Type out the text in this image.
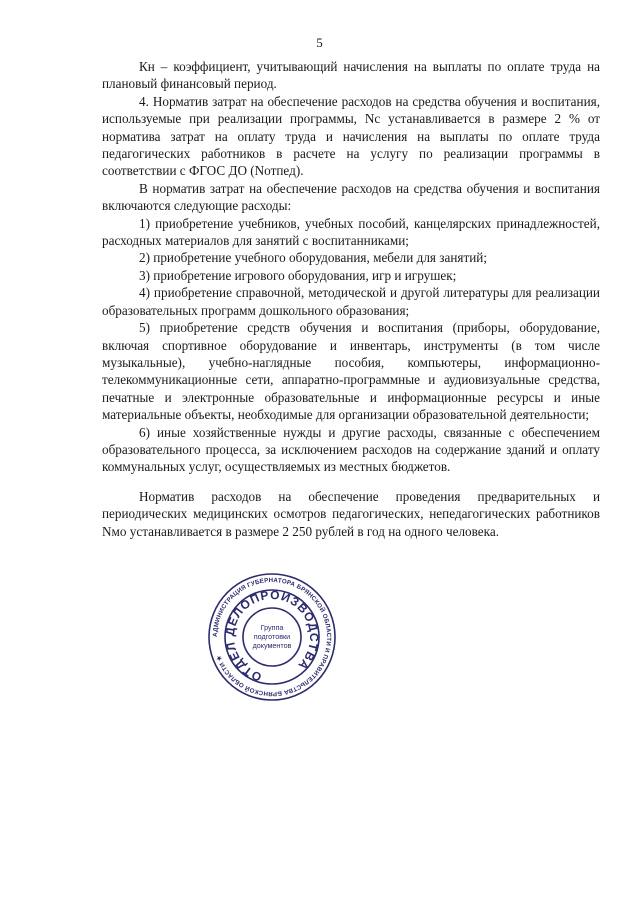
5

Кн – коэффициент, учитывающий начисления на выплаты по оплате труда на плановый финансовый период.

4. Норматив затрат на обеспечение расходов на средства обучения и воспитания, используемые при реализации программы, Nс устанавливается в размере 2 % от норматива затрат на оплату труда и начисления на выплаты по оплате труда педагогических работников в расчете на услугу по реализации программы в соответствии с ФГОС ДО (Nотпед).

В норматив затрат на обеспечение расходов на средства обучения и воспитания включаются следующие расходы:

1) приобретение учебников, учебных пособий, канцелярских принадлежностей, расходных материалов для занятий с воспитанниками;

2) приобретение учебного оборудования, мебели для занятий;

3) приобретение игрового оборудования, игр и игрушек;

4) приобретение справочной, методической и другой литературы для реализации образовательных программ дошкольного образования;

5) приобретение средств обучения и воспитания (приборы, оборудование, включая спортивное оборудование и инвентарь, инструменты (в том числе музыкальные), учебно-наглядные пособия, компьютеры, информационно-телекоммуникационные сети, аппаратно-программные и аудиовизуальные средства, печатные и электронные образовательные и информационные ресурсы и иные материальные объекты, необходимые для организации образовательной деятельности;

6) иные хозяйственные нужды и другие расходы, связанные с обеспечением образовательного процесса, за исключением расходов на содержание зданий и оплату коммунальных услуг, осуществляемых из местных бюджетов.

Норматив расходов на обеспечение проведения предварительных и периодических медицинских осмотров педагогических, непедагогических работников Nмо устанавливается в размере 2 250 рублей в год на одного человека.

АДМИНИСТРАЦИЯ ГУБЕРНАТОРА БРЯНСКОЙ ОБЛАСТИ И ПРАВИТЕЛЬСТВА БРЯНСКОЙ ОБЛАСТИ ★
ОТДЕЛ ДЕЛОПРОИЗВОДСТВА
Группа
подготовки
документов
